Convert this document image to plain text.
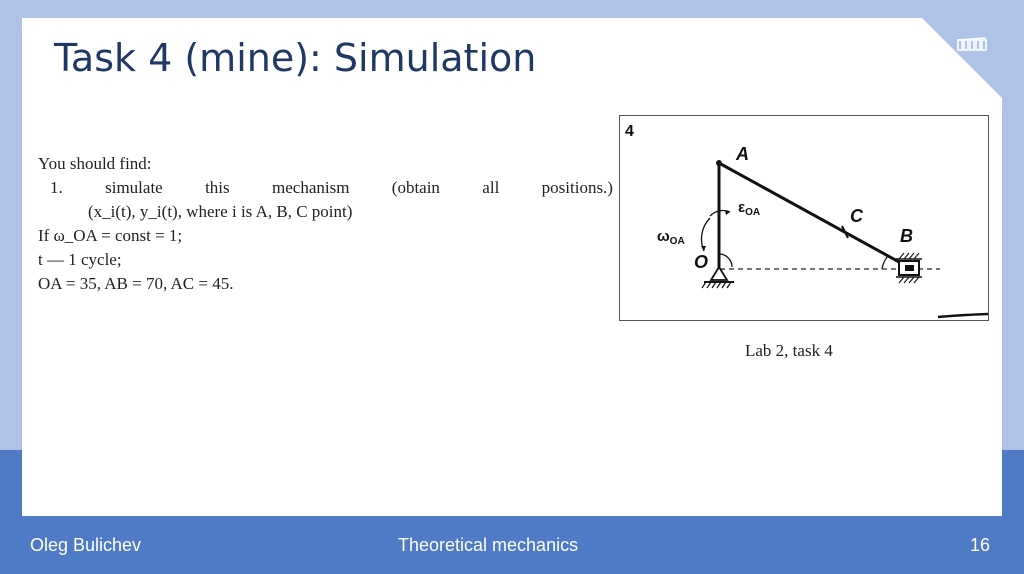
Task 4 (mine): Simulation
You should find:
1. simulate this mechanism (obtain all positions.)
(x_i(t), y_i(t), where i is A, B, C point)
If ω_OA = const = 1;
t — 1 cycle;
OA = 35, AB = 70, AC = 45.
4
A
C
B
O
$\varepsilon_{OA}$
$\omega_{OA}$
Lab 2, task 4
Oleg Bulichev	Theoretical mechanics	16
